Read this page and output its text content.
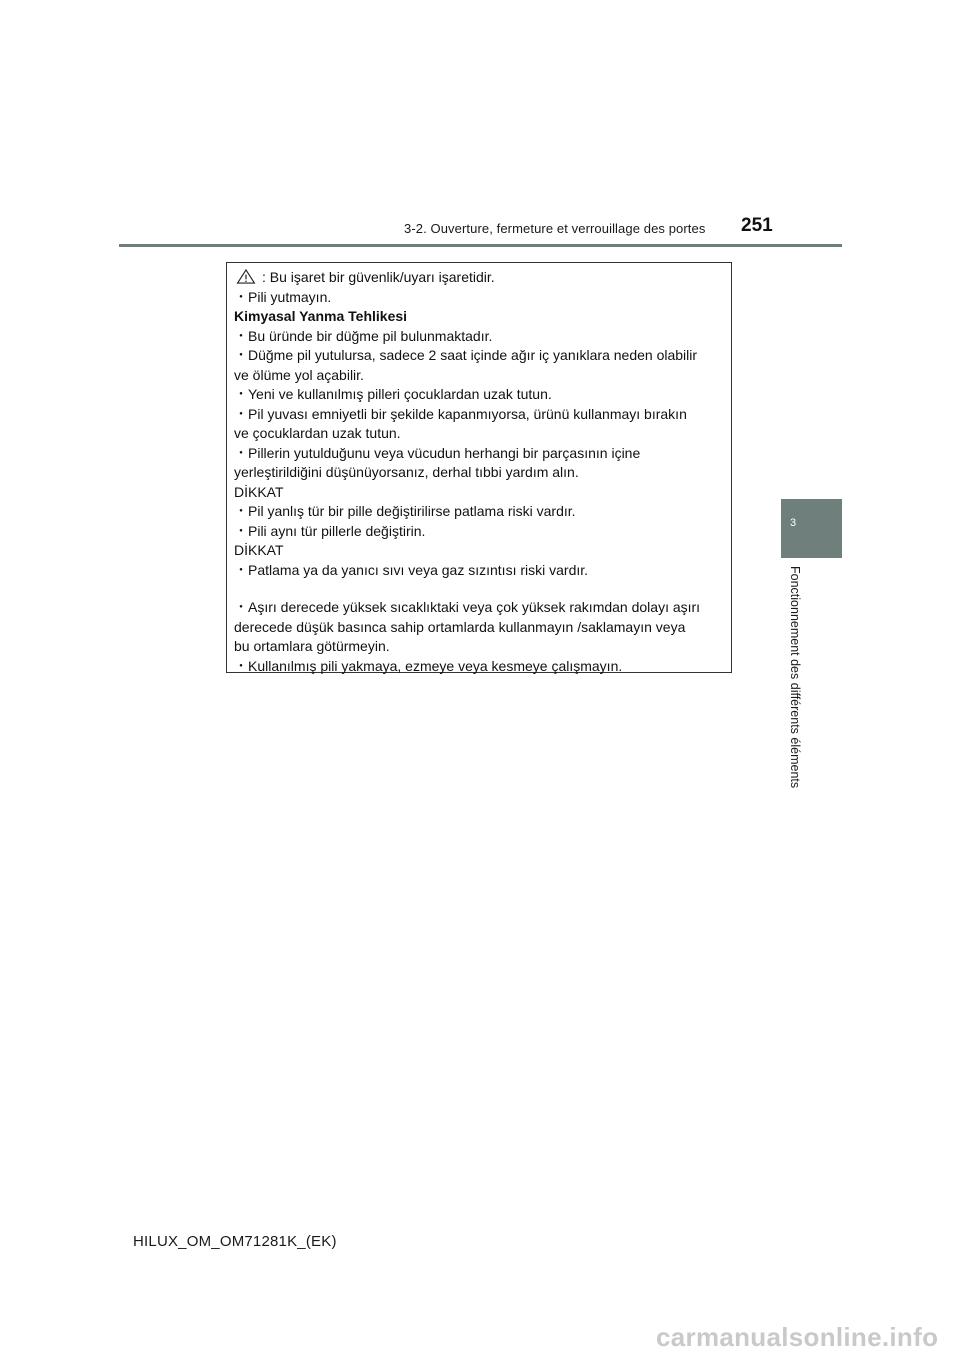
3-2. Ouverture, fermeture et verrouillage des portes 251
3
Fonctionnement des différents éléments
: Bu işaret bir güvenlik/uyarı işaretidir.
・Pili yutmayın.
Kimyasal Yanma Tehlikesi
・Bu üründe bir düğme pil bulunmaktadır.
・Düğme pil yutulursa, sadece 2 saat içinde ağır iç yanıklara neden olabilir
ve ölüme yol açabilir.
・Yeni ve kullanılmış pilleri çocuklardan uzak tutun.
・Pil yuvası emniyetli bir şekilde kapanmıyorsa, ürünü kullanmayı bırakın
ve çocuklardan uzak tutun.
・Pillerin yutulduğunu veya vücudun herhangi bir parçasının içine
yerleştirildiğini düşünüyorsanız, derhal tıbbi yardım alın.
DİKKAT
・Pil yanlış tür bir pille değiştirilirse patlama riski vardır.
・Pili aynı tür pillerle değiştirin.
DİKKAT
・Patlama ya da yanıcı sıvı veya gaz sızıntısı riski vardır.
・Aşırı derecede yüksek sıcaklıktaki veya çok yüksek rakımdan dolayı aşırı
derecede düşük basınca sahip ortamlarda kullanmayın /saklamayın veya
bu ortamlara götürmeyin.
・Kullanılmış pili yakmaya, ezmeye veya kesmeye çalışmayın.
HILUX_OM_OM71281K_(EK)
carmanualsonline.info
